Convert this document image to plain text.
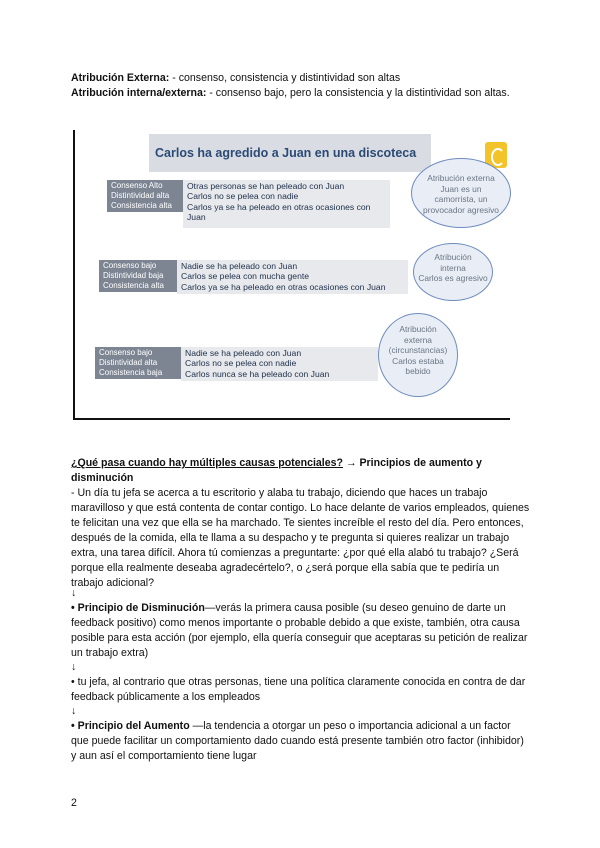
Atribución Externa: - consenso, consistencia y distintividad son altas
Atribución interna/externa: - consenso bajo, pero la consistencia y la distintividad son altas.
Carlos ha agredido a Juan en una discoteca
Consenso Alto
Distintividad alta
Consistencia alta
Otras personas se han peleado con Juan
Carlos no se pelea con nadie
Carlos ya se ha peleado en otras ocasiones con Juan
Atribución externa
Juan es un
camorrista, un
provocador agresivo
Consenso bajo
Distintividad baja
Consistencia alta
Nadie se ha peleado con Juan
Carlos se pelea con mucha gente
Carlos ya se ha peleado en otras ocasiones con Juan
Atribución
interna
Carlos es agresivo
Consenso bajo
Distintividad alta
Consistencia baja
Nadie se ha peleado con Juan
Carlos no se pelea con nadie
Carlos nunca se ha peleado con Juan
Atribución
externa
(circunstancias)
Carlos estaba
bebido
¿Qué pasa cuando hay múltiples causas potenciales? → Principios de aumento y disminución
- Un día tu jefa se acerca a tu escritorio y alaba tu trabajo, diciendo que haces un trabajo maravilloso y que está contenta de contar contigo. Lo hace delante de varios empleados, quienes te felicitan una vez que ella se ha marchado. Te sientes increíble el resto del día. Pero entonces, después de la comida, ella te llama a su despacho y te pregunta si quieres realizar un trabajo extra, una tarea difícil. Ahora tú comienzas a preguntarte: ¿por qué ella alabó tu trabajo? ¿Será porque ella realmente deseaba agradecértelo?, o ¿será porque ella sabía que te pediría un trabajo adicional?
↓
• Principio de Disminución—verás la primera causa posible (su deseo genuino de darte un feedback positivo) como menos importante o probable debido a que existe, también, otra causa posible para esta acción (por ejemplo, ella quería conseguir que aceptaras su petición de realizar un trabajo extra)
↓
• tu jefa, al contrario que otras personas, tiene una política claramente conocida en contra de dar feedback públicamente a los empleados
↓
• Principio del Aumento —la tendencia a otorgar un peso o importancia adicional a un factor que puede facilitar un comportamiento dado cuando está presente también otro factor (inhibidor) y aun así el comportamiento tiene lugar
2
